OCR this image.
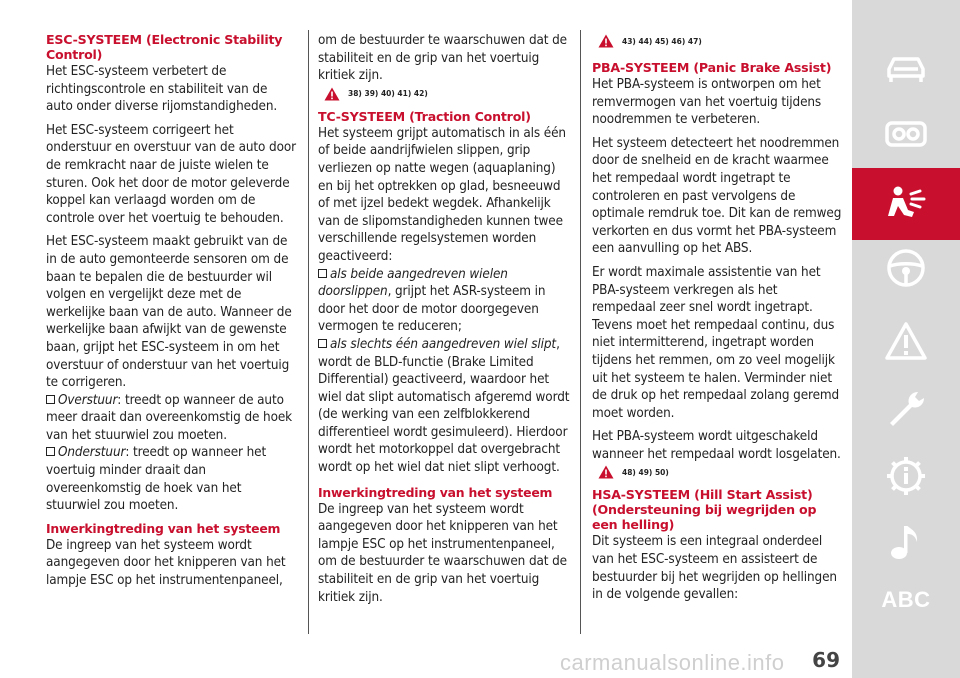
ESC-SYSTEEM (Electronic Stability Control)

Het ESC-systeem verbetert de richtingscontrole en stabiliteit van de auto onder diverse rijomstandigheden.

Het ESC-systeem corrigeert het onderstuur en overstuur van de auto door de remkracht naar de juiste wielen te sturen. Ook het door de motor geleverde koppel kan verlaagd worden om de controle over het voertuig te behouden.

Het ESC-systeem maakt gebruikt van de in de auto gemonteerde sensoren om de baan te bepalen die de bestuurder wil volgen en vergelijkt deze met de werkelijke baan van de auto. Wanneer de werkelijke baan afwijkt van de gewenste baan, grijpt het ESC-systeem in om het overstuur of onderstuur van het voertuig te corrigeren.

Overstuur: treedt op wanneer de auto meer draait dan overeenkomstig de hoek van het stuurwiel zou moeten.

Onderstuur: treedt op wanneer het voertuig minder draait dan overeenkomstig de hoek van het stuurwiel zou moeten.

Inwerkingtreding van het systeem

De ingreep van het systeem wordt aangegeven door het knipperen van het lampje ESC op het instrumentenpaneel,

om de bestuurder te waarschuwen dat de stabiliteit en de grip van het voertuig kritiek zijn.

38) 39) 40) 41) 42)
TC-SYSTEEM (Traction Control)

Het systeem grijpt automatisch in als één of beide aandrijfwielen slippen, grip verliezen op natte wegen (aquaplaning) en bij het optrekken op glad, besneeuwd of met ijzel bedekt wegdek. Afhankelijk van de slipomstandigheden kunnen twee verschillende regelsystemen worden geactiveerd:

als beide aangedreven wielen doorslippen, grijpt het ASR-systeem in door het door de motor doorgegeven vermogen te reduceren;

als slechts één aangedreven wiel slipt, wordt de BLD-functie (Brake Limited Differential) geactiveerd, waardoor het wiel dat slipt automatisch afgeremd wordt (de werking van een zelfblokkerend differentieel wordt gesimuleerd). Hierdoor wordt het motorkoppel dat overgebracht wordt op het wiel dat niet slipt verhoogt.

Inwerkingtreding van het systeem

De ingreep van het systeem wordt aangegeven door het knipperen van het lampje ESC op het instrumentenpaneel, om de bestuurder te waarschuwen dat de stabiliteit en de grip van het voertuig kritiek zijn.

43) 44) 45) 46) 47)
PBA-SYSTEEM (Panic Brake Assist)

Het PBA-systeem is ontworpen om het remvermogen van het voertuig tijdens noodremmen te verbeteren.

Het systeem detecteert het noodremmen door de snelheid en de kracht waarmee het rempedaal wordt ingetrapt te controleren en past vervolgens de optimale remdruk toe. Dit kan de remweg verkorten en dus vormt het PBA-systeem een aanvulling op het ABS.

Er wordt maximale assistentie van het PBA-systeem verkregen als het rempedaal zeer snel wordt ingetrapt. Tevens moet het rempedaal continu, dus niet intermitterend, ingetrapt worden tijdens het remmen, om zo veel mogelijk uit het systeem te halen. Verminder niet de druk op het rempedaal zolang geremd moet worden.

Het PBA-systeem wordt uitgeschakeld wanneer het rempedaal wordt losgelaten.

48) 49) 50)
HSA-SYSTEEM (Hill Start Assist) (Ondersteuning bij wegrijden op een helling)

Dit systeem is een integraal onderdeel van het ESC-systeem en assisteert de bestuurder bij het wegrijden op hellingen in de volgende gevallen:	ABC
carmanualsonline.info 69
